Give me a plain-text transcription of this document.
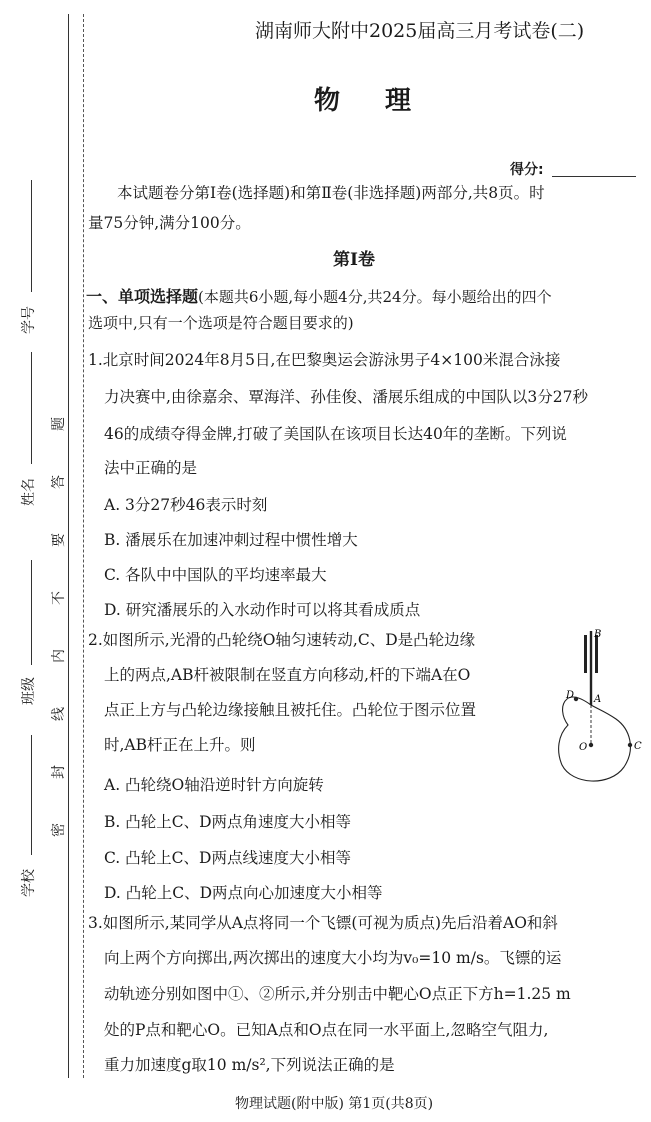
学号
姓名
班级
学校
密
封
线
内
不
要
答
题
湖南师大附中2025届高三月考试卷(二)
物 理
得分:
本试题卷分第Ⅰ卷(选择题)和第Ⅱ卷(非选择题)两部分,共8页。时
量75分钟,满分100分。
第Ⅰ卷
一、单项选择题(本题共6小题,每小题4分,共24分。每小题给出的四个
选项中,只有一个选项是符合题目要求的)
1.北京时间2024年8月5日,在巴黎奥运会游泳男子4×100米混合泳接
力决赛中,由徐嘉余、覃海洋、孙佳俊、潘展乐组成的中国队以3分27秒
46的成绩夺得金牌,打破了美国队在该项目长达40年的垄断。下列说
法中正确的是
A. 3分27秒46表示时刻
B. 潘展乐在加速冲刺过程中惯性增大
C. 各队中中国队的平均速率最大
D. 研究潘展乐的入水动作时可以将其看成质点
2.如图所示,光滑的凸轮绕O轴匀速转动,C、D是凸轮边缘
上的两点,AB杆被限制在竖直方向移动,杆的下端A在O
点正上方与凸轮边缘接触且被托住。凸轮位于图示位置
时,AB杆正在上升。则
A. 凸轮绕O轴沿逆时针方向旋转
B. 凸轮上C、D两点角速度大小相等
C. 凸轮上C、D两点线速度大小相等
D. 凸轮上C、D两点向心加速度大小相等
B
A
D
O	C
3.如图所示,某同学从A点将同一个飞镖(可视为质点)先后沿着AO和斜
向上两个方向掷出,两次掷出的速度大小均为v₀=10 m/s。飞镖的运
动轨迹分别如图中①、②所示,并分别击中靶心O点正下方h=1.25 m
处的P点和靶心O。已知A点和O点在同一水平面上,忽略空气阻力,
重力加速度g取10 m/s²,下列说法正确的是
物理试题(附中版) 第1页(共8页)
